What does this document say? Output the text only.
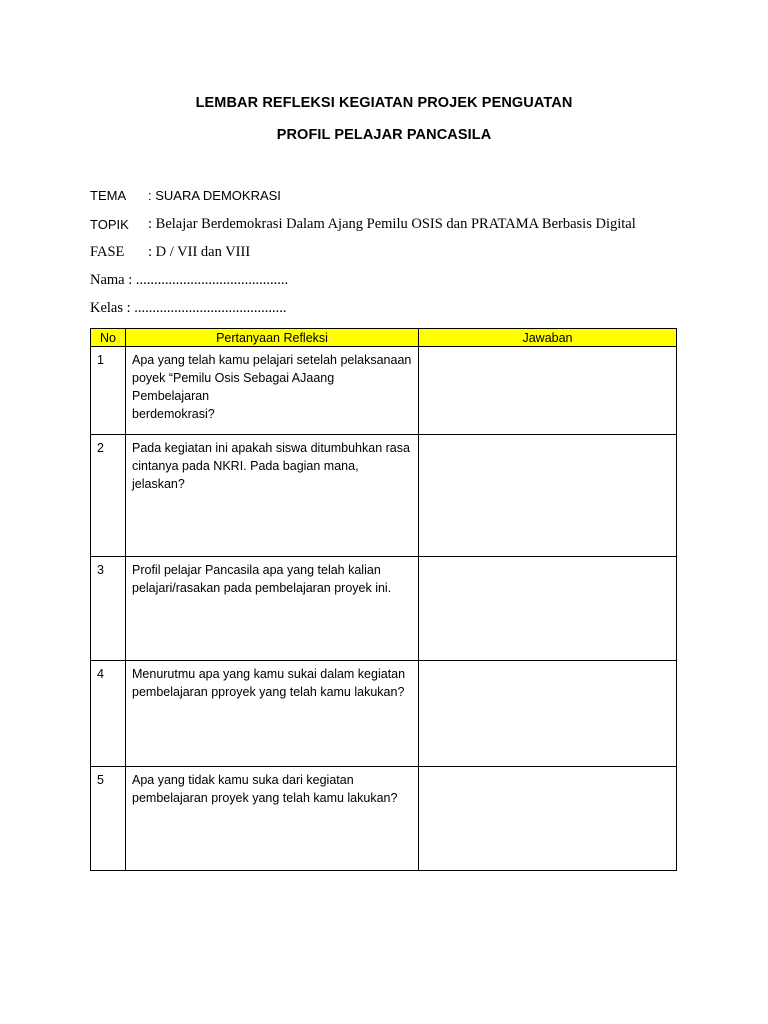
LEMBAR REFLEKSI KEGIATAN PROJEK PENGUATAN
PROFIL PELAJAR PANCASILA
TEMA : SUARA DEMOKRASI
TOPIK : Belajar Berdemokrasi Dalam Ajang Pemilu OSIS dan PRATAMA Berbasis Digital
FASE : D / VII dan VIII
Nama : ..........................................
Kelas : ..........................................
No	Pertanyaan Refleksi	Jawaban
1	Apa yang telah kamu pelajari setelah pelaksanaan
poyek “Pemilu Osis Sebagai AJaang Pembelajaran
berdemokrasi?	
2	Pada kegiatan ini apakah siswa ditumbuhkan rasa
cintanya pada NKRI. Pada bagian mana, jelaskan?	
3	Profil pelajar Pancasila apa yang telah kalian
pelajari/rasakan pada pembelajaran proyek ini.	
4	Menurutmu apa yang kamu sukai dalam kegiatan
pembelajaran pproyek yang telah kamu lakukan?	
5	Apa yang tidak kamu suka dari kegiatan
pembelajaran proyek yang telah kamu lakukan?	
